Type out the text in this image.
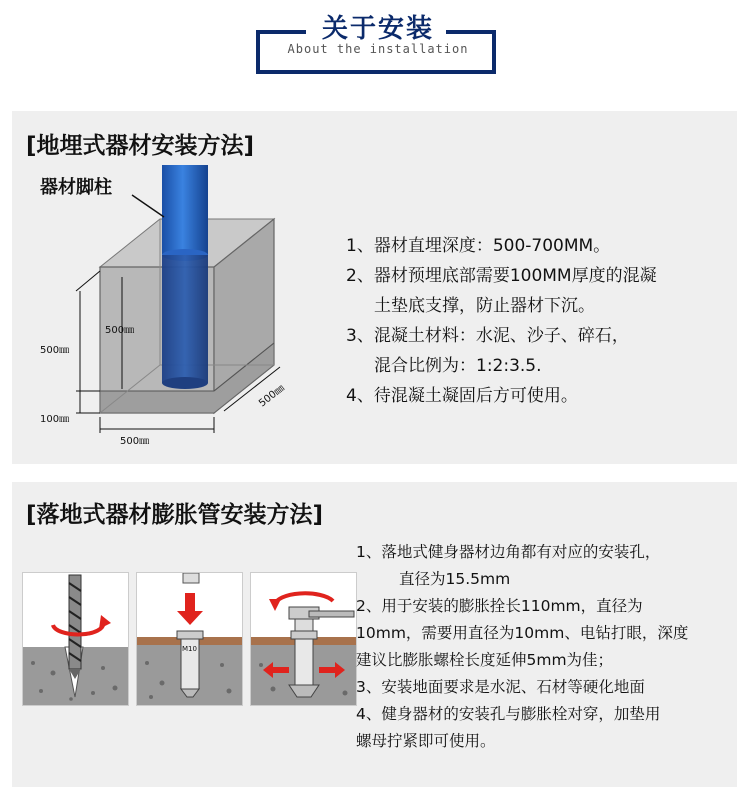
关于安装
About the installation
[地埋式器材安装方法]
器材脚柱
500㎜
500㎜
100㎜
500㎜
500㎜

1、器材直埋深度：500-700MM。

2、器材预埋底部需要100MM厚度的混凝

土垫底支撑，防止器材下沉。

3、混凝土材料：水泥、沙子、碎石，

混合比例为：1:2:3.5.

4、待混凝土凝固后方可使用。

[落地式器材膨胀管安装方法]
M10

1、落地式健身器材边角都有对应的安装孔，

直径为15.5mm

2、用于安装的膨胀拴长110mm，直径为

10mm，需要用直径为10mm、电钻打眼，深度

建议比膨胀螺栓长度延伸5mm为佳；

3、安装地面要求是水泥、石材等硬化地面

4、健身器材的安装孔与膨胀栓对穿，加垫用

螺母拧紧即可使用。
